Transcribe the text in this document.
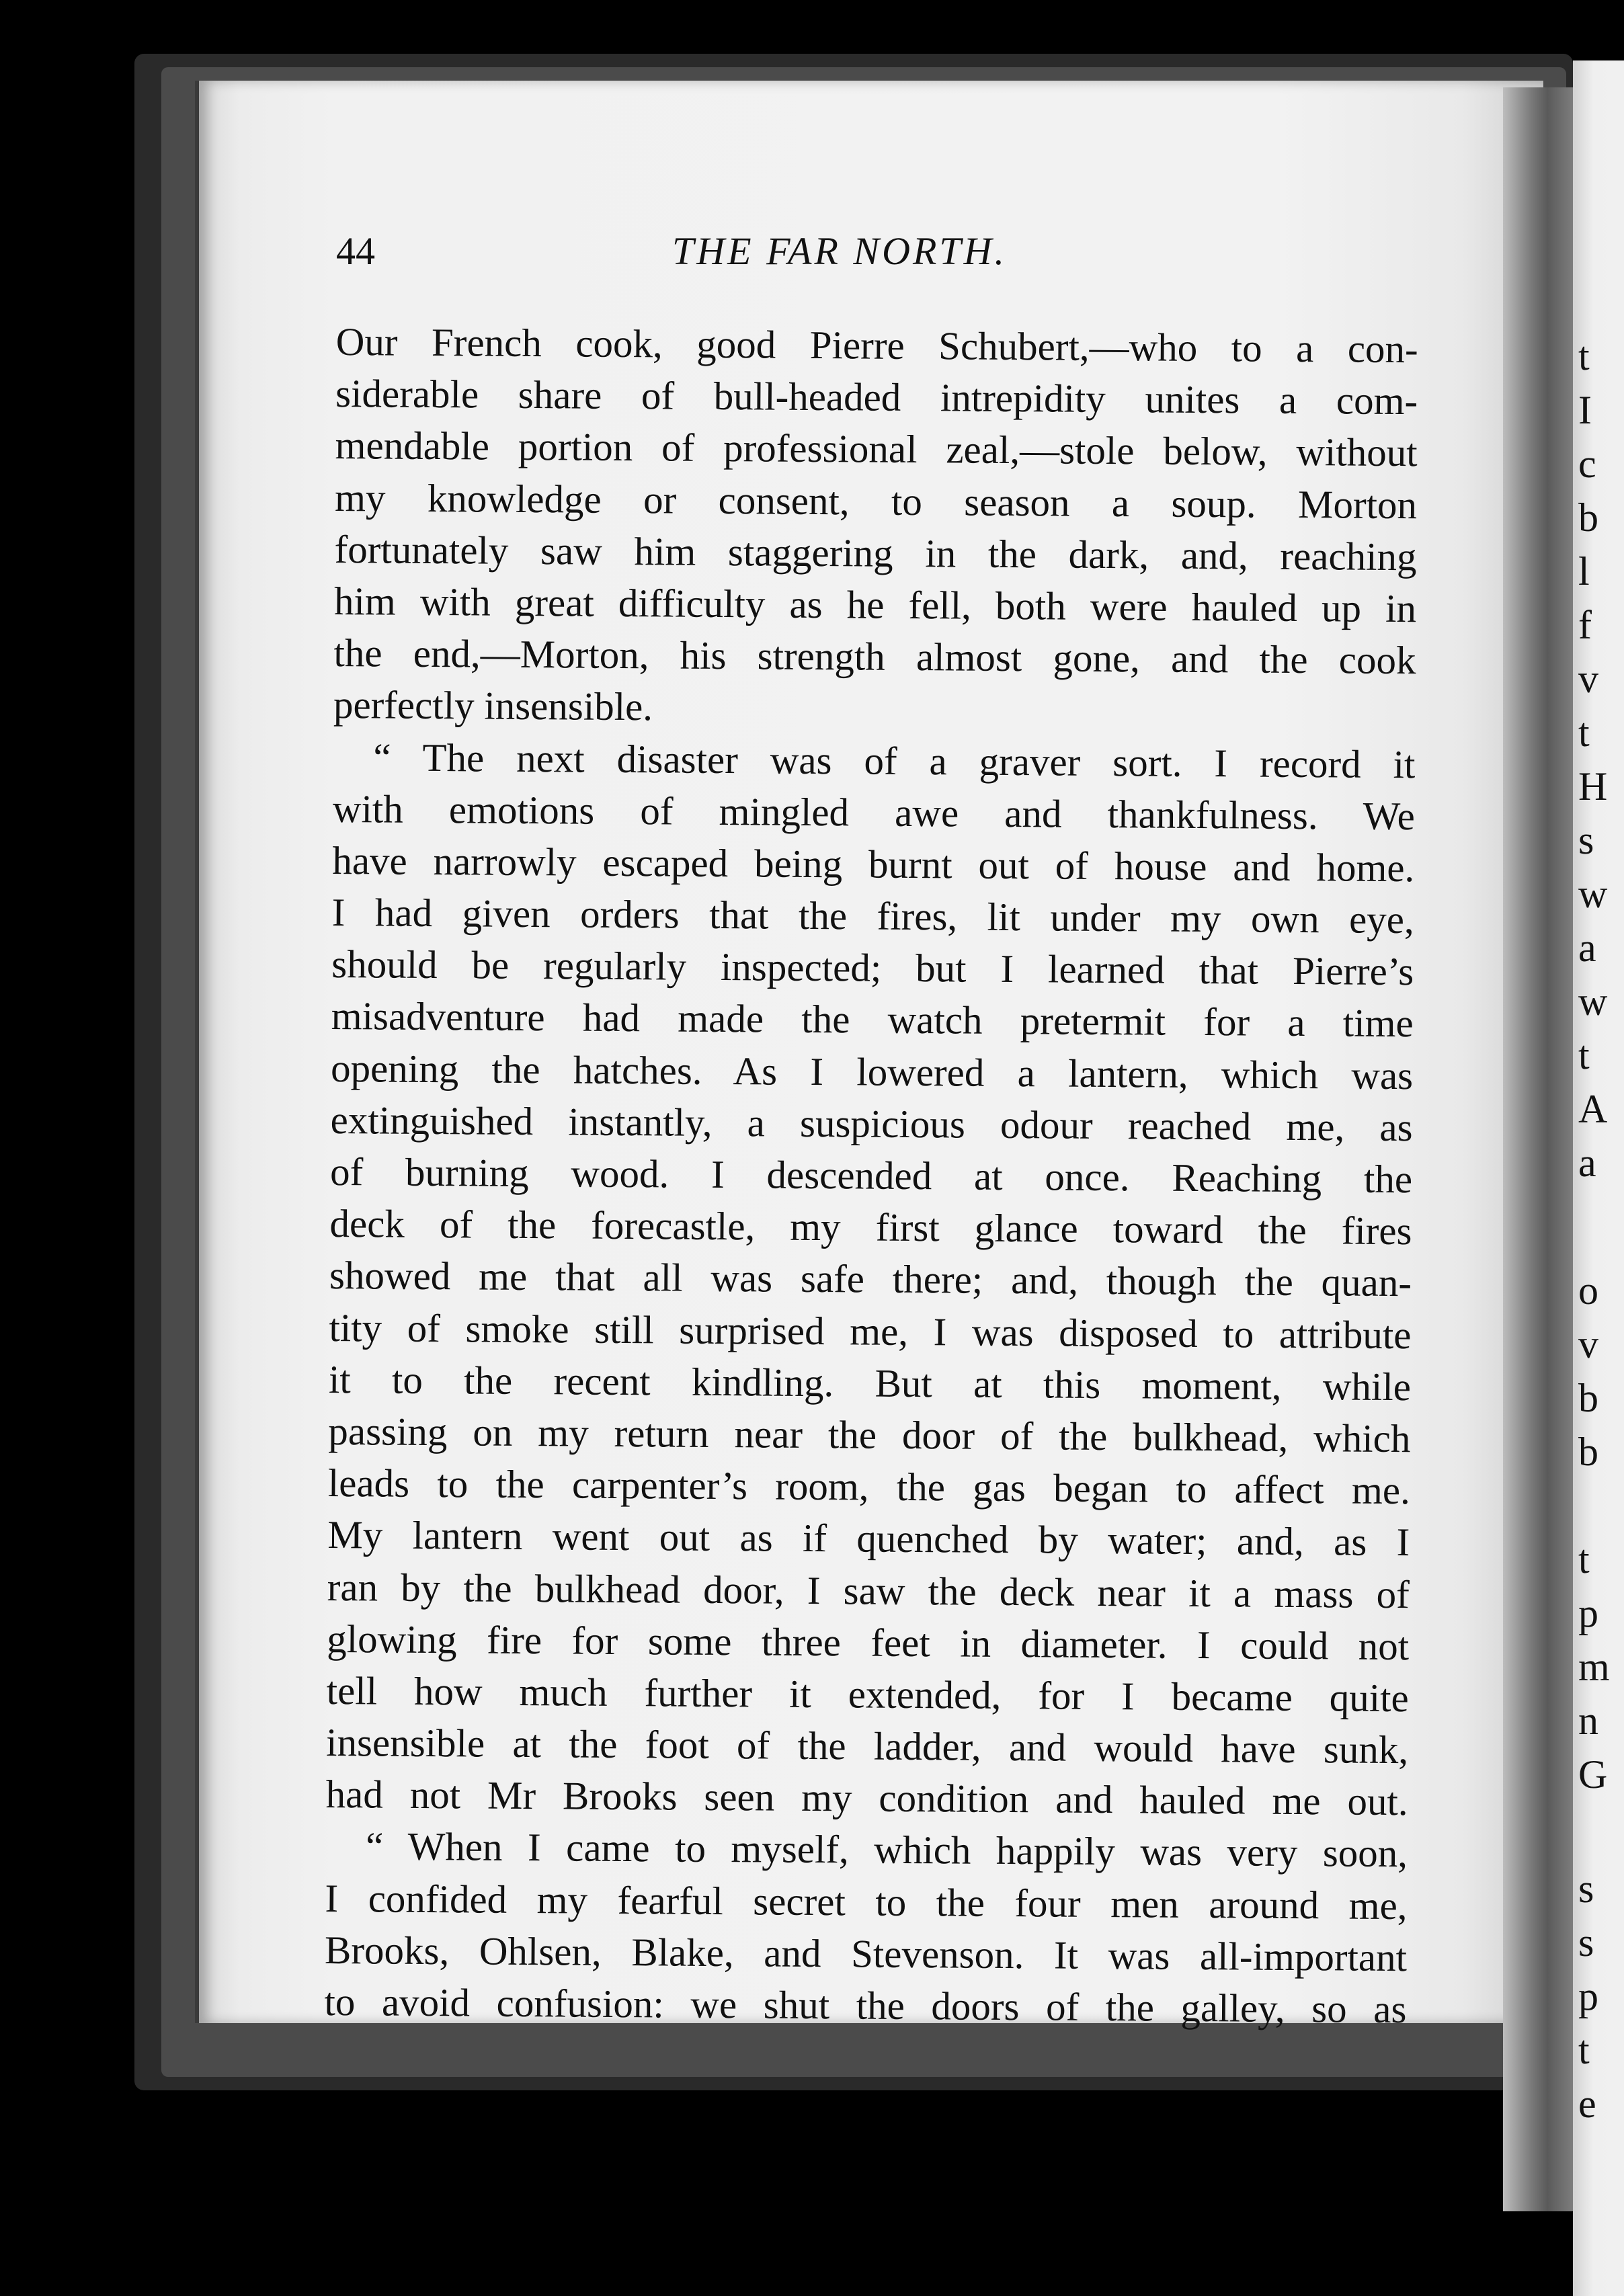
44	THE FAR NORTH.
Our French cook, good Pierre Schubert,—who to a con-
siderable share of bull-headed intrepidity unites a com-
mendable portion of professional zeal,—stole below, without
my knowledge or consent, to season a soup. Morton
fortunately saw him staggering in the dark, and, reaching
him with great difficulty as he fell, both were hauled up in
the end,—Morton, his strength almost gone, and the cook
perfectly insensible.
“ The next disaster was of a graver sort. I record it
with emotions of mingled awe and thankfulness. We
have narrowly escaped being burnt out of house and home.
I had given orders that the fires, lit under my own eye,
should be regularly inspected; but I learned that Pierre’s
misadventure had made the watch pretermit for a time
opening the hatches. As I lowered a lantern, which was
extinguished instantly, a suspicious odour reached me, as
of burning wood. I descended at once. Reaching the
deck of the forecastle, my first glance toward the fires
showed me that all was safe there; and, though the quan-
tity of smoke still surprised me, I was disposed to attribute
it to the recent kindling. But at this moment, while
passing on my return near the door of the bulkhead, which
leads to the carpenter’s room, the gas began to affect me.
My lantern went out as if quenched by water; and, as I
ran by the bulkhead door, I saw the deck near it a mass of
glowing fire for some three feet in diameter. I could not
tell how much further it extended, for I became quite
insensible at the foot of the ladder, and would have sunk,
had not Mr Brooks seen my condition and hauled me out.
“ When I came to myself, which happily was very soon,
I confided my fearful secret to the four men around me,
Brooks, Ohlsen, Blake, and Stevenson. It was all-important
to avoid confusion: we shut the doors of the galley, so as
t
I
c
b
l
f
v
t
H
s
w
a
w
t
A
a
o
v
b
b
t
p
m
n
G
s
s
p
t
e
